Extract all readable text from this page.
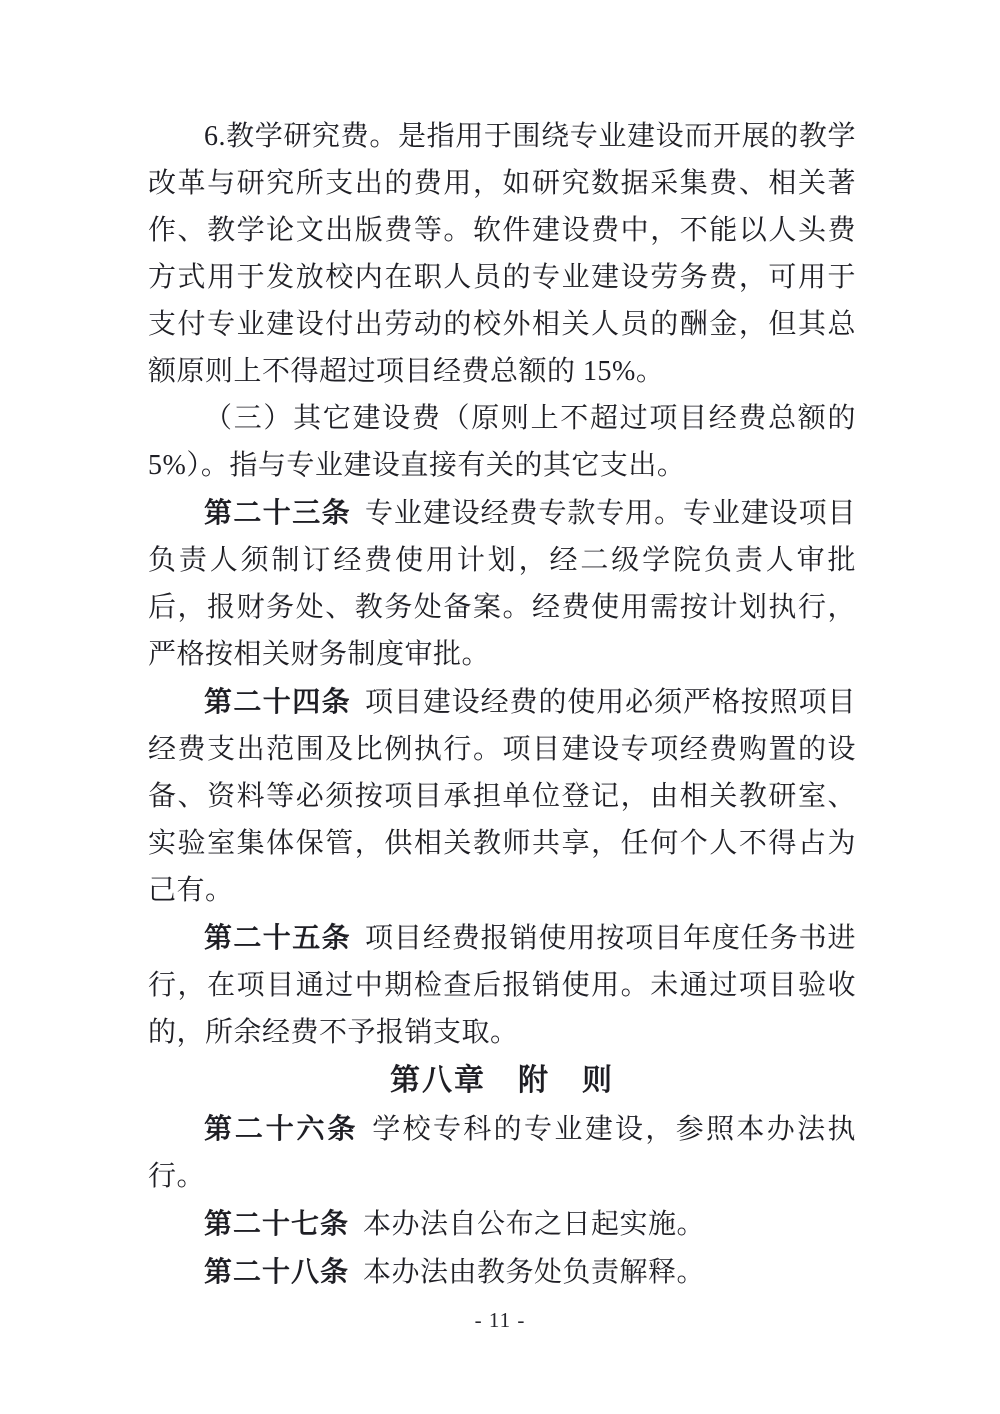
6.教学研究费。是指用于围绕专业建设而开展的教学改革与研究所支出的费用，如研究数据采集费、相关著作、教学论文出版费等。软件建设费中，不能以人头费方式用于发放校内在职人员的专业建设劳务费，可用于支付专业建设付出劳动的校外相关人员的酬金，但其总额原则上不得超过项目经费总额的 15%。

（三）其它建设费（原则上不超过项目经费总额的 5%）。指与专业建设直接有关的其它支出。

第二十三条 专业建设经费专款专用。专业建设项目负责人须制订经费使用计划，经二级学院负责人审批后，报财务处、教务处备案。经费使用需按计划执行，严格按相关财务制度审批。

第二十四条 项目建设经费的使用必须严格按照项目经费支出范围及比例执行。项目建设专项经费购置的设备、资料等必须按项目承担单位登记，由相关教研室、实验室集体保管，供相关教师共享，任何个人不得占为己有。

第二十五条 项目经费报销使用按项目年度任务书进行，在项目通过中期检查后报销使用。未通过项目验收的，所余经费不予报销支取。

第八章　附　则

第二十六条 学校专科的专业建设，参照本办法执行。

第二十七条 本办法自公布之日起实施。

第二十八条 本办法由教务处负责解释。

- 11 -
